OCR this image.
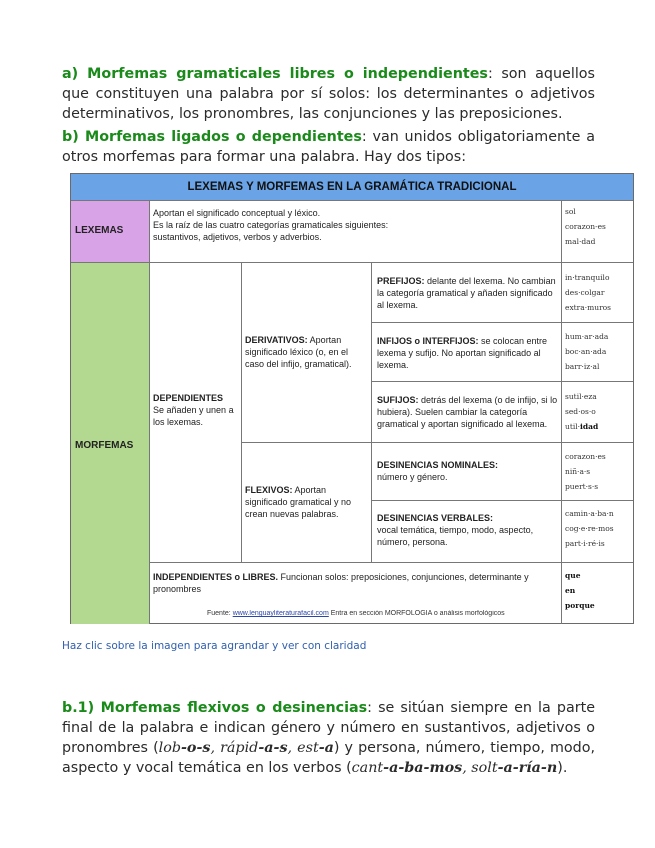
a) Morfemas gramaticales libres o independientes: son aquellos que constituyen una palabra por sí solos: los determinantes o adjetivos determinativos, los pronombres, las conjunciones y las preposiciones.
b) Morfemas ligados o dependientes: van unidos obligatoriamente a otros morfemas para formar una palabra. Hay dos tipos:
LEXEMAS Y MORFEMAS EN LA GRAMÁTICA TRADICIONAL
LEXEMAS
Aportan el significado conceptual y léxico.
Es la raíz de las cuatro categorías gramaticales siguientes:
sustantivos, adjetivos, verbos y adverbios.
sol
corazon-es
mal·dad
MORFEMAS
DEPENDIENTES
Se añaden y unen a los lexemas.
DERIVATIVOS: Aportan significado léxico (o, en el caso del infijo, gramatical).
FLEXIVOS: Aportan significado gramatical y no crean nuevas palabras.
PREFIJOS: delante del lexema. No cambian la categoría gramatical y añaden significado al lexema.
in·tranquilo
des·colgar
extra·muros
INFIJOS o INTERFIJOS: se colocan entre lexema y sufijo. No aportan significado al lexema.
hum·ar·ada
boc·an·ada
barr·iz·al
SUFIJOS: detrás del lexema (o de infijo, si lo hubiera). Suelen cambiar la categoría gramatical y aportan significado al lexema.
sutil·eza
sed·os·o
util·idad
DESINENCIAS NOMINALES:
número y género.
corazon·es
niñ·a·s
puert·s·s
DESINENCIAS VERBALES:
vocal temática, tiempo, modo, aspecto, número, persona.
camin·a·ba·n
cog·e·re·mos
part·i·ré·is
INDEPENDIENTES o LIBRES. Funcionan solos: preposiciones, conjunciones, determinante y pronombres
Fuente: www.lenguayliteraturafacil.com Entra en sección MORFOLOGÍA o análisis morfológicos
que
en
porque
Haz clic sobre la imagen para agrandar y ver con claridad
b.1) Morfemas flexivos o desinencias: se sitúan siempre en la parte final de la palabra e indican género y número en sustantivos, adjetivos o pronombres (lob-o-s, rápid-a-s, est-a) y persona, número, tiempo, modo, aspecto y vocal temática en los verbos (cant-a-ba-mos, solt-a-ría-n).
